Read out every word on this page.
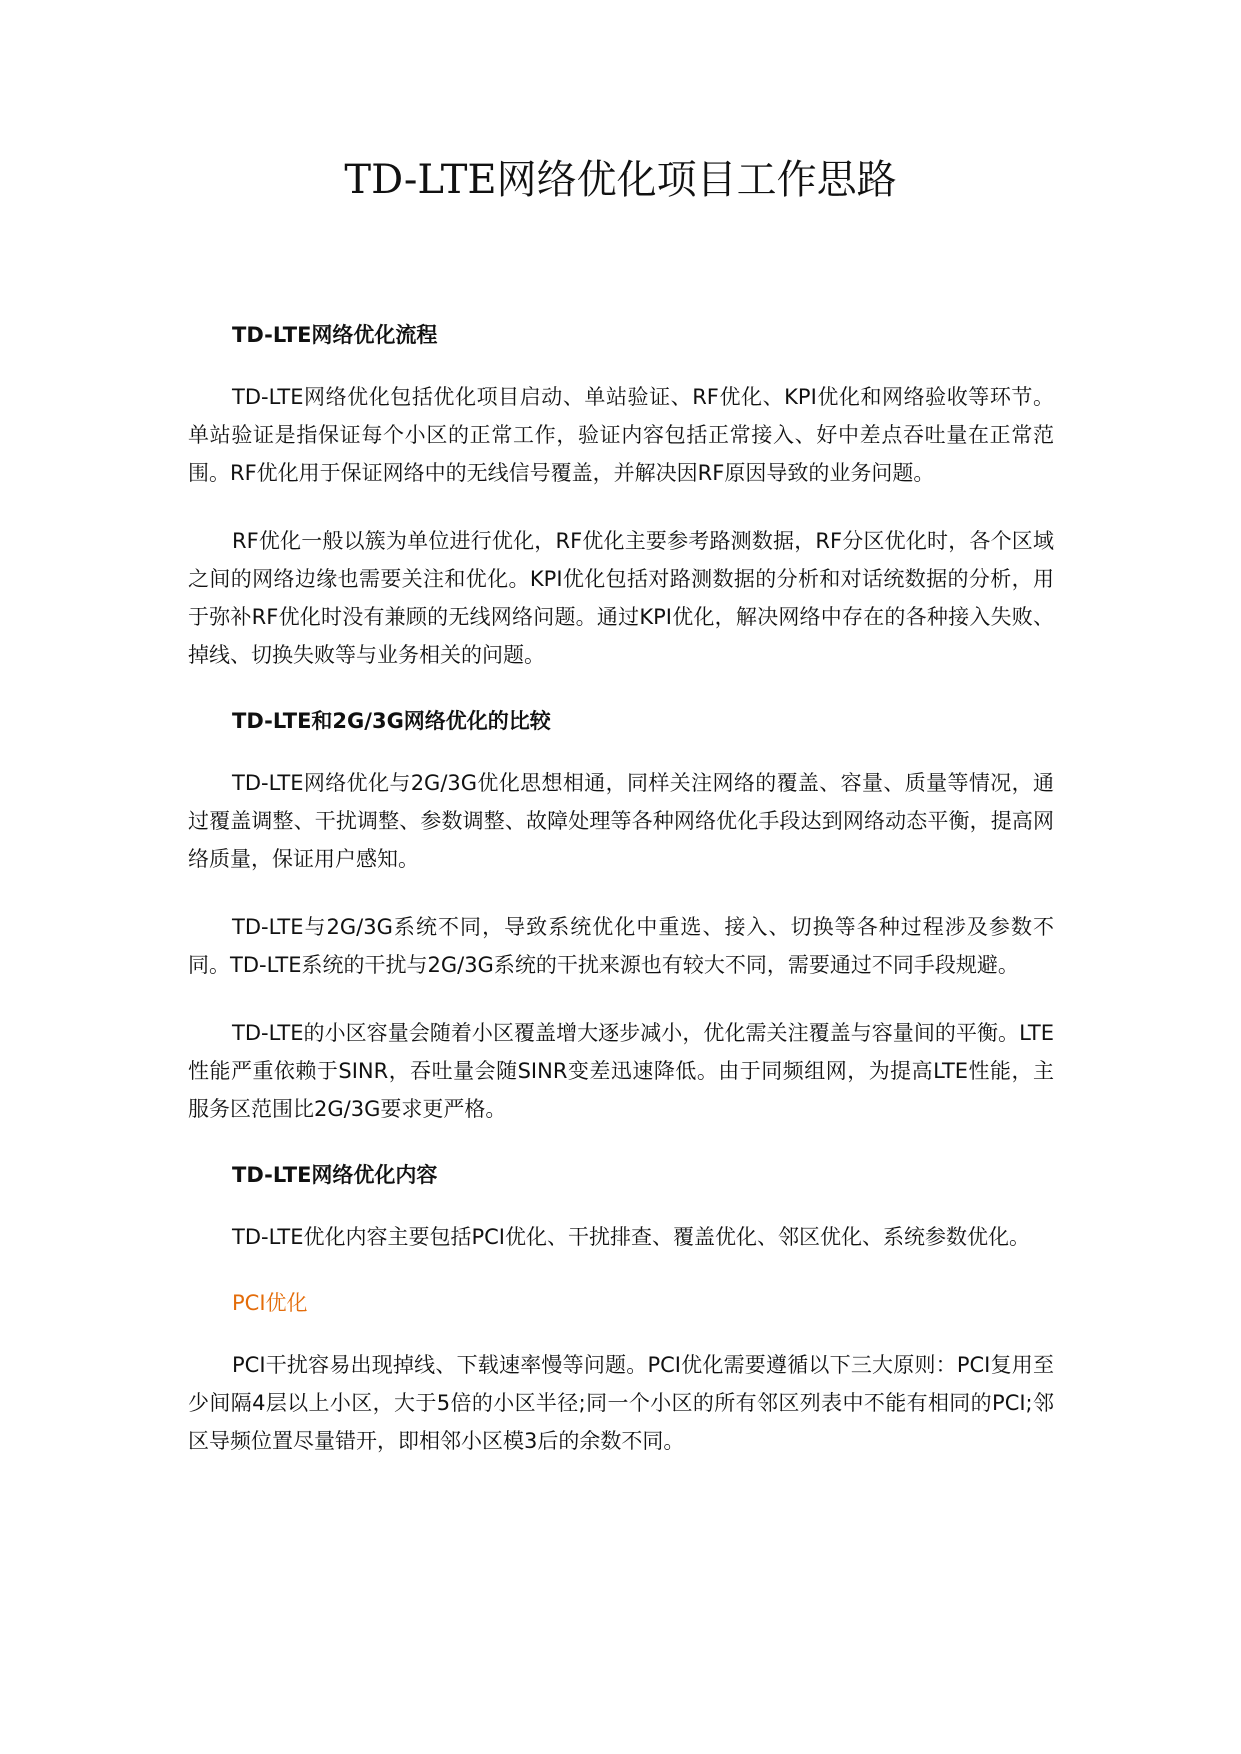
TD-LTE网络优化项目工作思路
TD-LTE网络优化流程

TD-LTE网络优化包括优化项目启动、单站验证、RF优化、KPI优化和网络验收等环节。单站验证是指保证每个小区的正常工作，验证内容包括正常接入、好中差点吞吐量在正常范围。RF优化用于保证网络中的无线信号覆盖，并解决因RF原因导致的业务问题。

RF优化一般以簇为单位进行优化，RF优化主要参考路测数据，RF分区优化时，各个区域之间的网络边缘也需要关注和优化。KPI优化包括对路测数据的分析和对话统数据的分析，用于弥补RF优化时没有兼顾的无线网络问题。通过KPI优化，解决网络中存在的各种接入失败、掉线、切换失败等与业务相关的问题。

TD-LTE和2G/3G网络优化的比较

TD-LTE网络优化与2G/3G优化思想相通，同样关注网络的覆盖、容量、质量等情况，通过覆盖调整、干扰调整、参数调整、故障处理等各种网络优化手段达到网络动态平衡，提高网络质量，保证用户感知。

TD-LTE与2G/3G系统不同，导致系统优化中重选、接入、切换等各种过程涉及参数不同。TD-LTE系统的干扰与2G/3G系统的干扰来源也有较大不同，需要通过不同手段规避。

TD-LTE的小区容量会随着小区覆盖增大逐步减小，优化需关注覆盖与容量间的平衡。LTE性能严重依赖于SINR，吞吐量会随SINR变差迅速降低。由于同频组网，为提高LTE性能，主服务区范围比2G/3G要求更严格。

TD-LTE网络优化内容

TD-LTE优化内容主要包括PCI优化、干扰排查、覆盖优化、邻区优化、系统参数优化。

PCI优化

PCI干扰容易出现掉线、下载速率慢等问题。PCI优化需要遵循以下三大原则：PCI复用至少间隔4层以上小区，大于5倍的小区半径;同一个小区的所有邻区列表中不能有相同的PCI;邻区导频位置尽量错开，即相邻小区模3后的余数不同。
